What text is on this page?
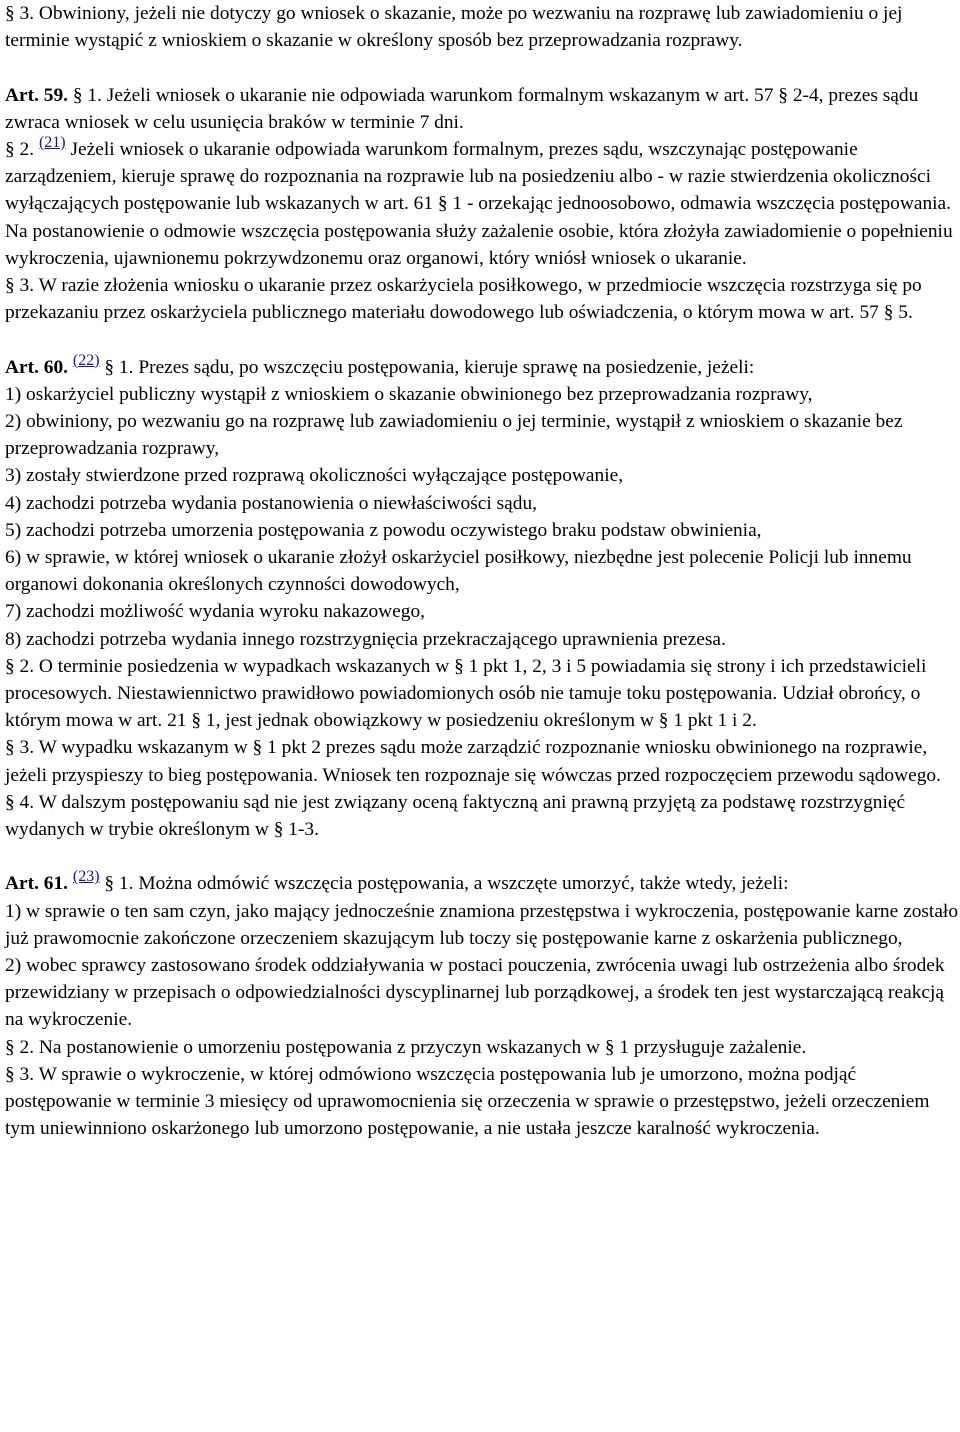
§ 3. Obwiniony, jeżeli nie dotyczy go wniosek o skazanie, może po wezwaniu na rozprawę lub zawiadomieniu o jej terminie wystąpić z wnioskiem o skazanie w określony sposób bez przeprowadzania rozprawy.

Art. 59. § 1. Jeżeli wniosek o ukaranie nie odpowiada warunkom formalnym wskazanym w art. 57 § 2-4, prezes sądu zwraca wniosek w celu usunięcia braków w terminie 7 dni.

§ 2. $^{(21)}$ Jeżeli wniosek o ukaranie odpowiada warunkom formalnym, prezes sądu, wszczynając postępowanie zarządzeniem, kieruje sprawę do rozpoznania na rozprawie lub na posiedzeniu albo - w razie stwierdzenia okoliczności wyłączających postępowanie lub wskazanych w art. 61 § 1 - orzekając jednoosobowo, odmawia wszczęcia postępowania. Na postanowienie o odmowie wszczęcia postępowania służy zażalenie osobie, która złożyła zawiadomienie o popełnieniu wykroczenia, ujawnionemu pokrzywdzonemu oraz organowi, który wniósł wniosek o ukaranie.

§ 3. W razie złożenia wniosku o ukaranie przez oskarżyciela posiłkowego, w przedmiocie wszczęcia rozstrzyga się po przekazaniu przez oskarżyciela publicznego materiału dowodowego lub oświadczenia, o którym mowa w art. 57 § 5.

Art. 60. $^{(22)}$ § 1. Prezes sądu, po wszczęciu postępowania, kieruje sprawę na posiedzenie, jeżeli:

1) oskarżyciel publiczny wystąpił z wnioskiem o skazanie obwinionego bez przeprowadzania rozprawy,

2) obwiniony, po wezwaniu go na rozprawę lub zawiadomieniu o jej terminie, wystąpił z wnioskiem o skazanie bez przeprowadzania rozprawy,

3) zostały stwierdzone przed rozprawą okoliczności wyłączające postępowanie,

4) zachodzi potrzeba wydania postanowienia o niewłaściwości sądu,

5) zachodzi potrzeba umorzenia postępowania z powodu oczywistego braku podstaw obwinienia,

6) w sprawie, w której wniosek o ukaranie złożył oskarżyciel posiłkowy, niezbędne jest polecenie Policji lub innemu organowi dokonania określonych czynności dowodowych,

7) zachodzi możliwość wydania wyroku nakazowego,

8) zachodzi potrzeba wydania innego rozstrzygnięcia przekraczającego uprawnienia prezesa.

§ 2. O terminie posiedzenia w wypadkach wskazanych w § 1 pkt 1, 2, 3 i 5 powiadamia się strony i ich przedstawicieli procesowych. Niestawiennictwo prawidłowo powiadomionych osób nie tamuje toku postępowania. Udział obrońcy, o którym mowa w art. 21 § 1, jest jednak obowiązkowy w posiedzeniu określonym w § 1 pkt 1 i 2.

§ 3. W wypadku wskazanym w § 1 pkt 2 prezes sądu może zarządzić rozpoznanie wniosku obwinionego na rozprawie, jeżeli przyspieszy to bieg postępowania. Wniosek ten rozpoznaje się wówczas przed rozpoczęciem przewodu sądowego.

§ 4. W dalszym postępowaniu sąd nie jest związany oceną faktyczną ani prawną przyjętą za podstawę rozstrzygnięć wydanych w trybie określonym w § 1-3.

Art. 61. $^{(23)}$ § 1. Można odmówić wszczęcia postępowania, a wszczęte umorzyć, także wtedy, jeżeli:

1) w sprawie o ten sam czyn, jako mający jednocześnie znamiona przestępstwa i wykroczenia, postępowanie karne zostało już prawomocnie zakończone orzeczeniem skazującym lub toczy się postępowanie karne z oskarżenia publicznego,

2) wobec sprawcy zastosowano środek oddziaływania w postaci pouczenia, zwrócenia uwagi lub ostrzeżenia albo środek przewidziany w przepisach o odpowiedzialności dyscyplinarnej lub porządkowej, a środek ten jest wystarczającą reakcją na wykroczenie.

§ 2. Na postanowienie o umorzeniu postępowania z przyczyn wskazanych w § 1 przysługuje zażalenie.

§ 3. W sprawie o wykroczenie, w której odmówiono wszczęcia postępowania lub je umorzono, można podjąć postępowanie w terminie 3 miesięcy od uprawomocnienia się orzeczenia w sprawie o przestępstwo, jeżeli orzeczeniem tym uniewinniono oskarżonego lub umorzono postępowanie, a nie ustała jeszcze karalność wykroczenia.
